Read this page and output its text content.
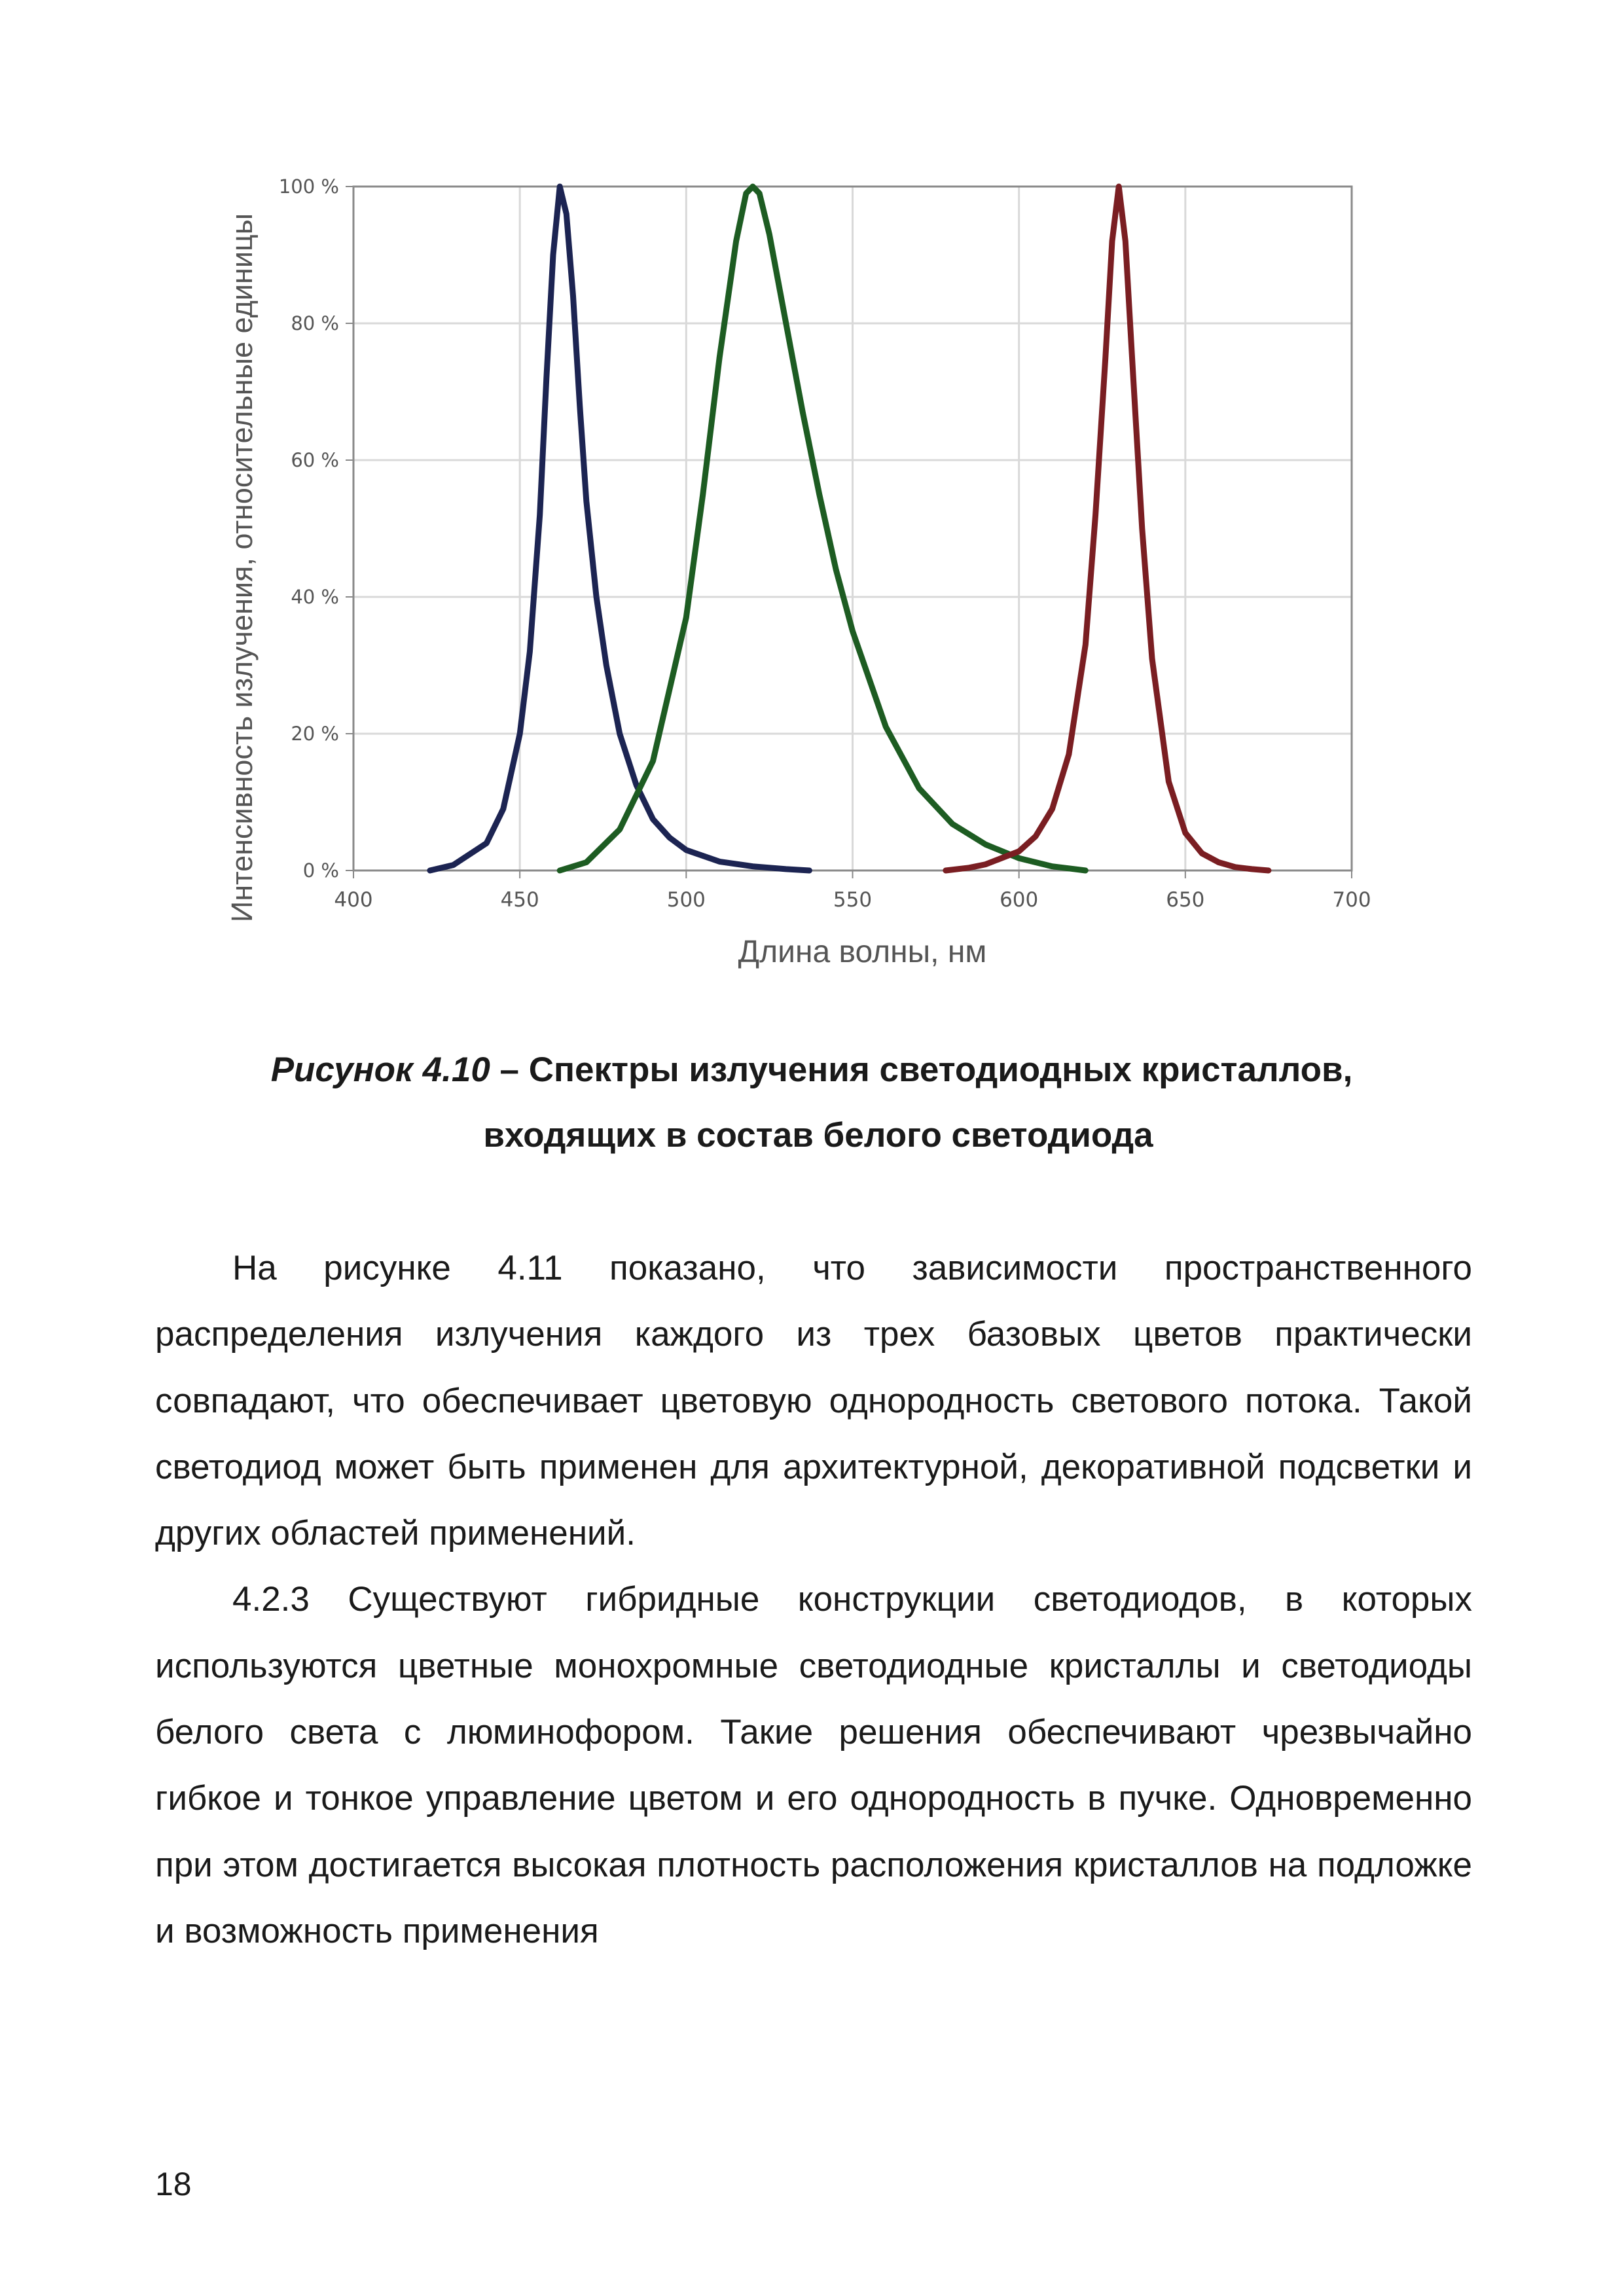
400	450	500	550	600	650	700
0 %
20 %
40 %
60 %
80 %
100 %
Длина волны, нм
Интенсивность излучения, относительные единицы
Рисунок 4.10 – Спектры излучения светодиодных кристаллов,
входящих в состав белого светодиода

На рисунке 4.11 показано, что зависимости пространственного распределения излучения каждого из трех базовых цветов практически совпадают, что обеспечивает цветовую однородность светового потока. Такой светодиод может быть применен для архитектурной, декоративной подсветки и других областей применений.

4.2.3 Существуют гибридные конструкции светодиодов, в которых используются цветные монохромные светодиодные кристаллы и светодиоды белого света с люминофором. Такие решения обеспечивают чрезвычайно гибкое и тонкое управление цветом и его однородность в пучке. Одновременно при этом достигается высокая плотность расположения кристаллов на подложке и возможность применения

18
